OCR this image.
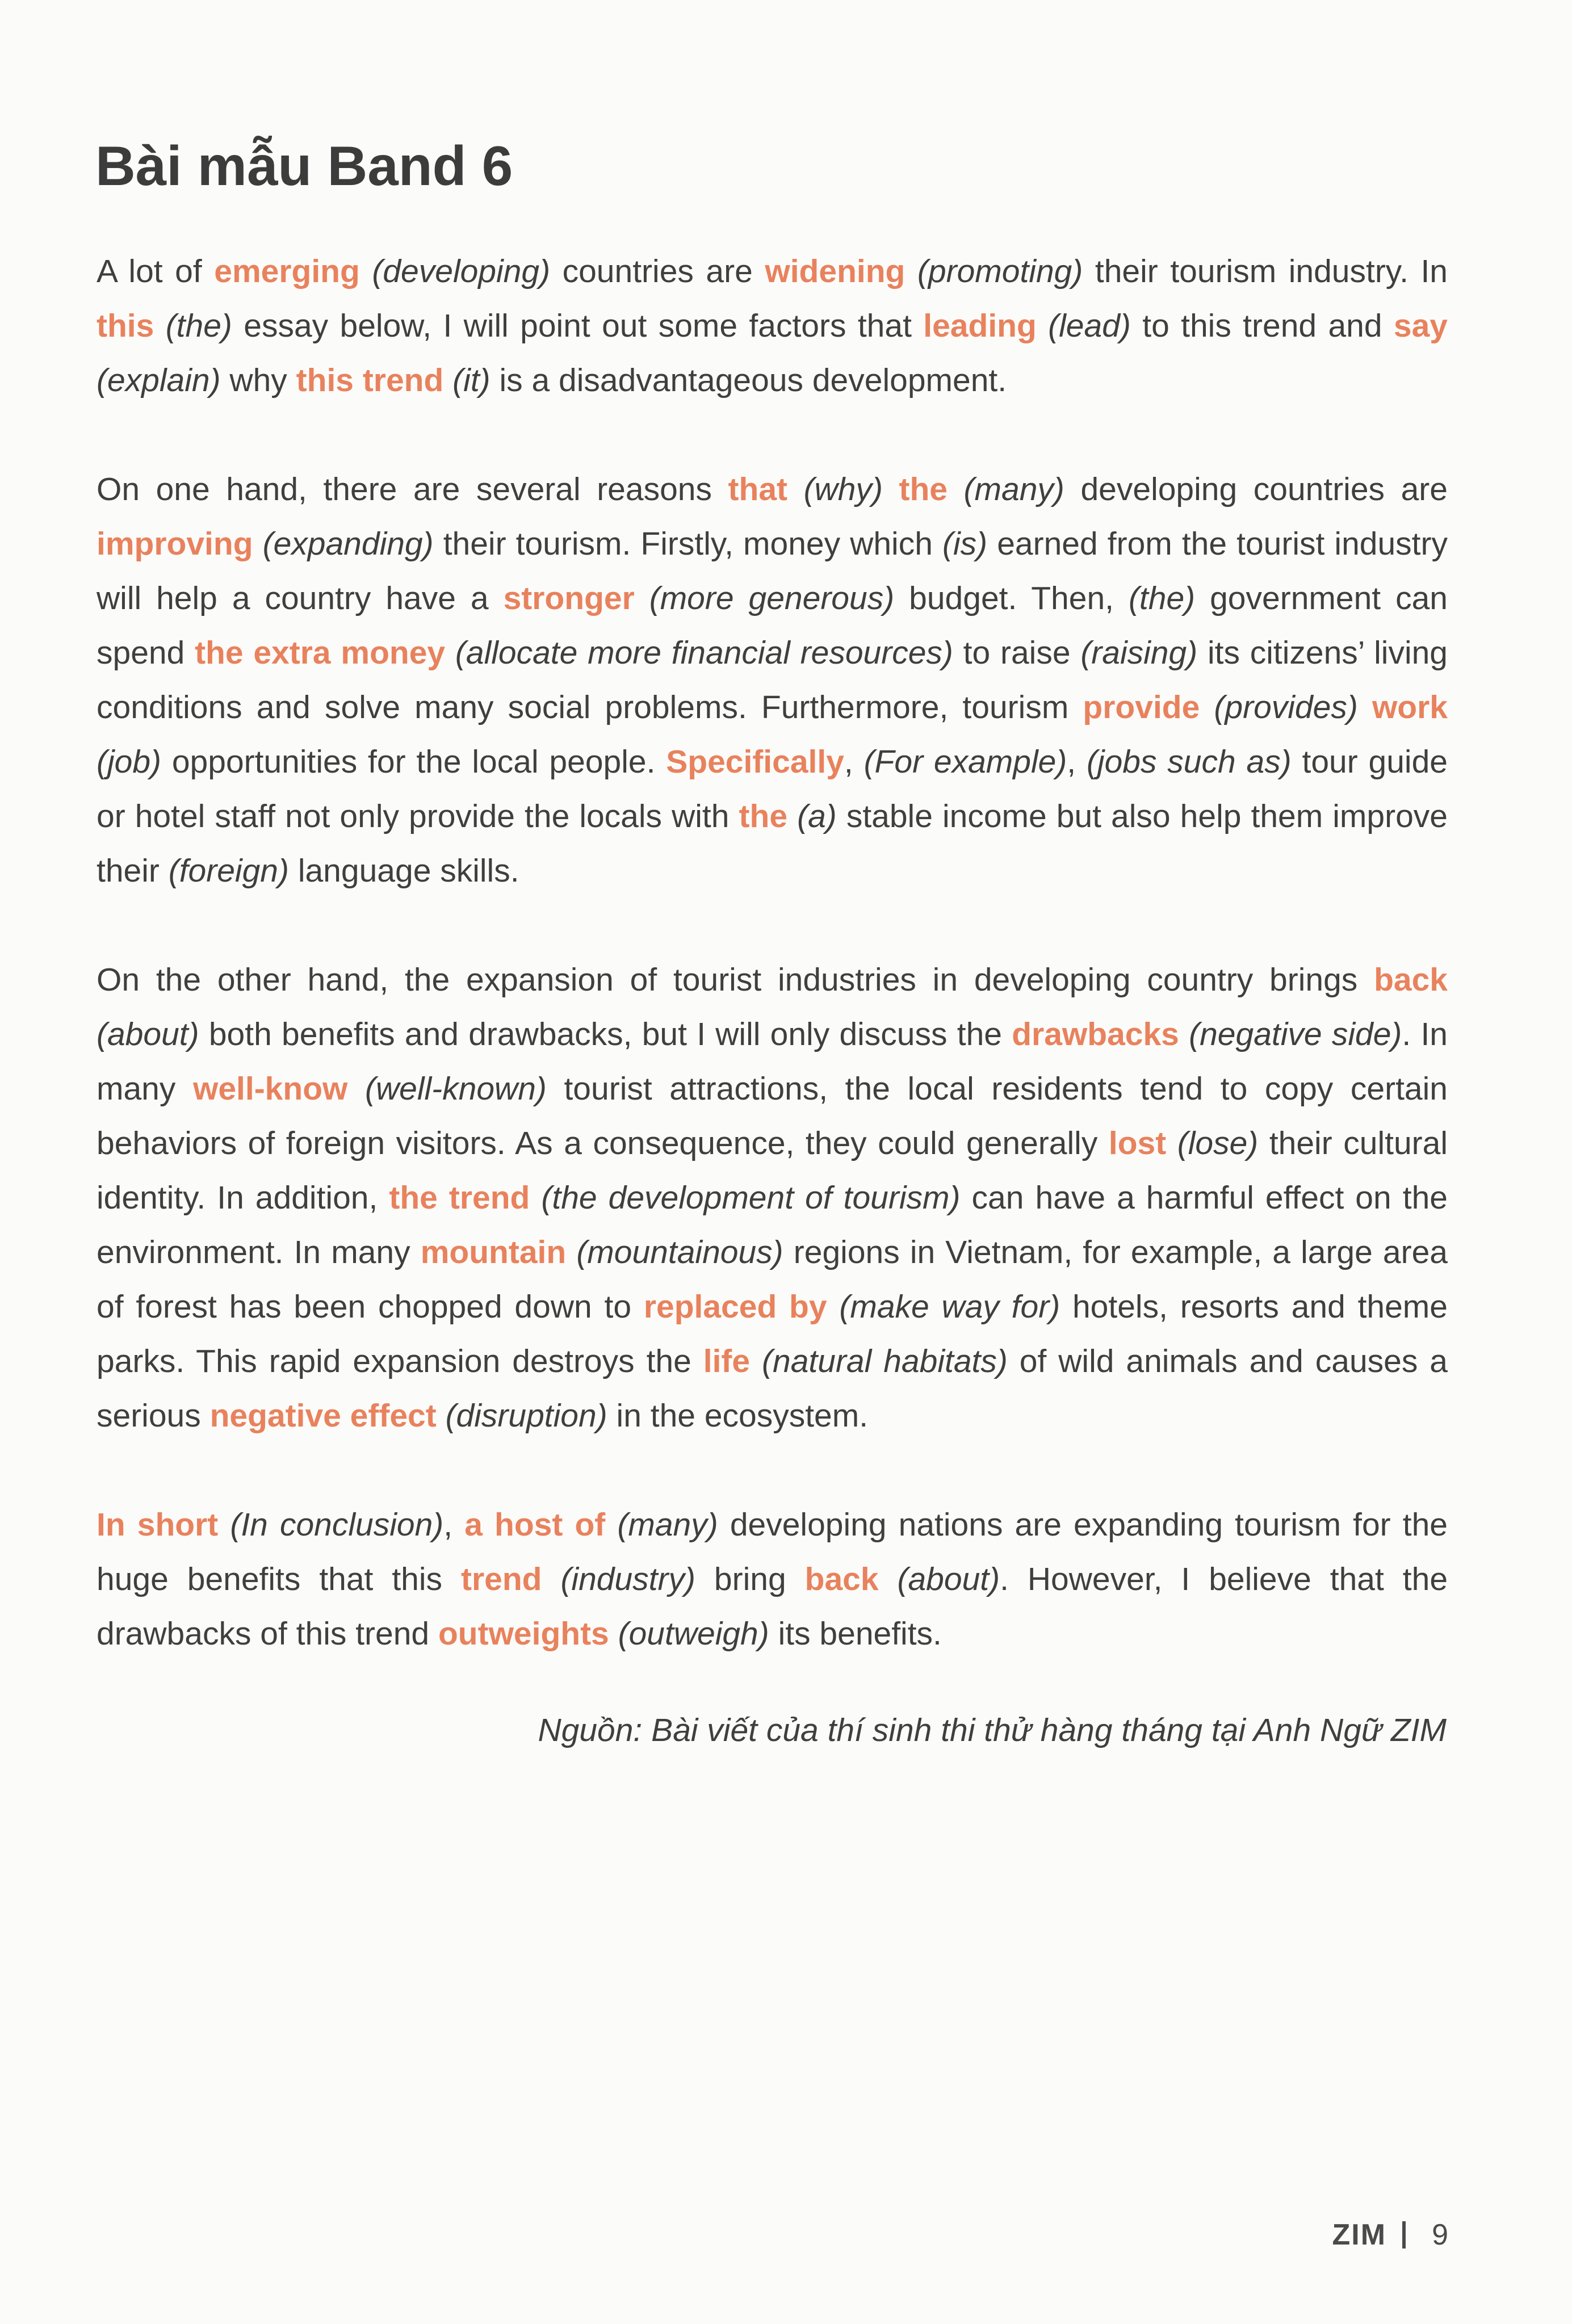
Bài mẫu Band 6

A lot of emerging (developing) countries are widening (promoting) their tourism industry. In this (the) essay below, I will point out some factors that leading (lead) to this trend and say (explain) why this trend (it) is a disadvantageous development.

On one hand, there are several reasons that (why) the (many) developing countries are improving (expanding) their tourism. Firstly, money which (is) earned from the tourist industry will help a country have a stronger (more generous) budget. Then, (the) government can spend the extra money (allocate more financial resources) to raise (raising) its citizens’ living conditions and solve many social problems. Furthermore, tourism provide (provides) work (job) opportunities for the local people. Specifically, (For example), (jobs such as) tour guide or hotel staff not only provide the locals with the (a) stable income but also help them improve their (foreign) language skills.

On the other hand, the expansion of tourist industries in developing country brings back (about) both benefits and drawbacks, but I will only discuss the drawbacks (negative side). In many well-know (well-known) tourist attractions, the local residents tend to copy certain behaviors of foreign visitors. As a consequence, they could generally lost (lose) their cultural identity. In addition, the trend (the development of tourism) can have a harmful effect on the environment. In many mountain (mountainous) regions in Vietnam, for example, a large area of forest has been chopped down to replaced by (make way for) hotels, resorts and theme parks. This rapid expansion destroys the life (natural habitats) of wild animals and causes a serious negative effect (disruption) in the ecosystem.

In short (In conclusion), a host of (many) developing nations are expanding tourism for the huge benefits that this trend (industry) bring back (about). However, I believe that the drawbacks of this trend outweights (outweigh) its benefits.

Nguồn: Bài viết của thí sinh thi thử hàng tháng tại Anh Ngữ ZIM

ZIM 9
